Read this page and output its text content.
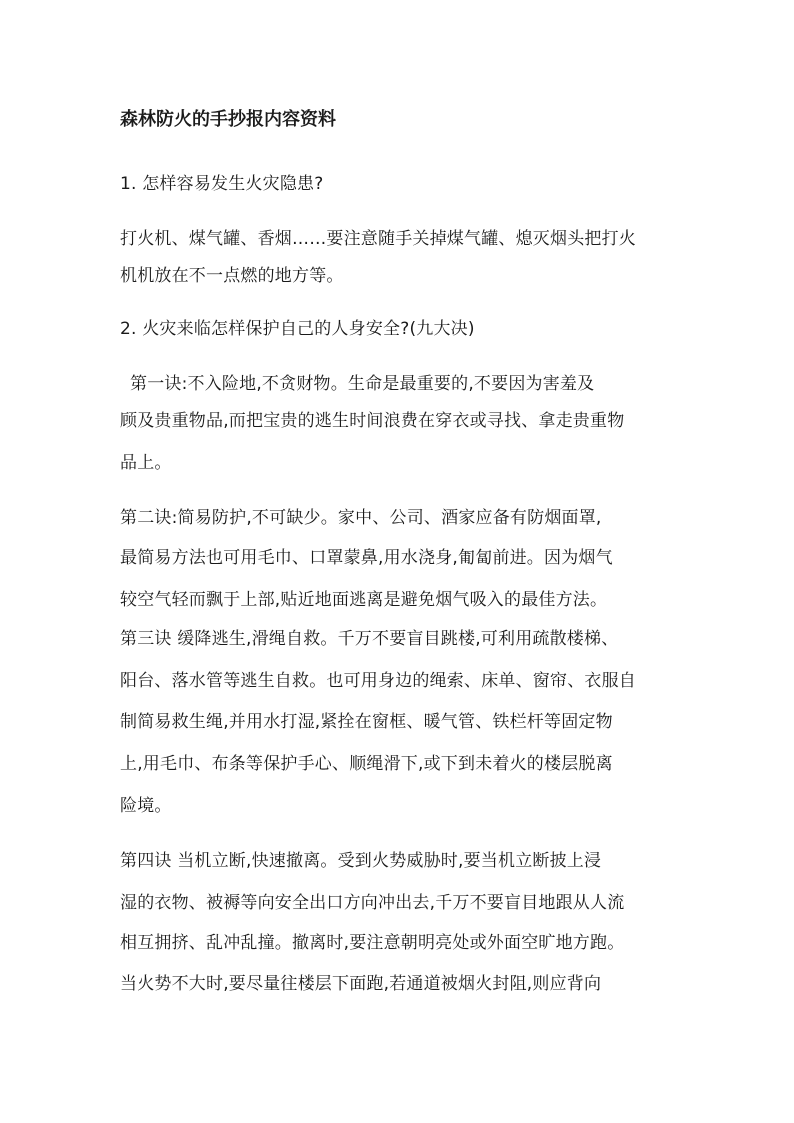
森林防火的手抄报内容资料
1. 怎样容易发生火灾隐患?
打火机、煤气罐、香烟……要注意随手关掉煤气罐、熄灭烟头把打火
机机放在不一点燃的地方等。
2. 火灾来临怎样保护自己的人身安全?(九大决)
第一诀:不入险地,不贪财物。生命是最重要的,不要因为害羞及
顾及贵重物品,而把宝贵的逃生时间浪费在穿衣或寻找、拿走贵重物
品上。
第二诀:简易防护,不可缺少。家中、公司、酒家应备有防烟面罩,
最简易方法也可用毛巾、口罩蒙鼻,用水浇身,匍匐前进。因为烟气
较空气轻而飘于上部,贴近地面逃离是避免烟气吸入的最佳方法。
第三诀 缓降逃生,滑绳自救。千万不要盲目跳楼,可利用疏散楼梯、
阳台、落水管等逃生自救。也可用身边的绳索、床单、窗帘、衣服自
制简易救生绳,并用水打湿,紧拴在窗框、暖气管、铁栏杆等固定物
上,用毛巾、布条等保护手心、顺绳滑下,或下到未着火的楼层脱离
险境。
第四诀 当机立断,快速撤离。受到火势威胁时,要当机立断披上浸
湿的衣物、被褥等向安全出口方向冲出去,千万不要盲目地跟从人流
相互拥挤、乱冲乱撞。撤离时,要注意朝明亮处或外面空旷地方跑。
当火势不大时,要尽量往楼层下面跑,若通道被烟火封阻,则应背向
